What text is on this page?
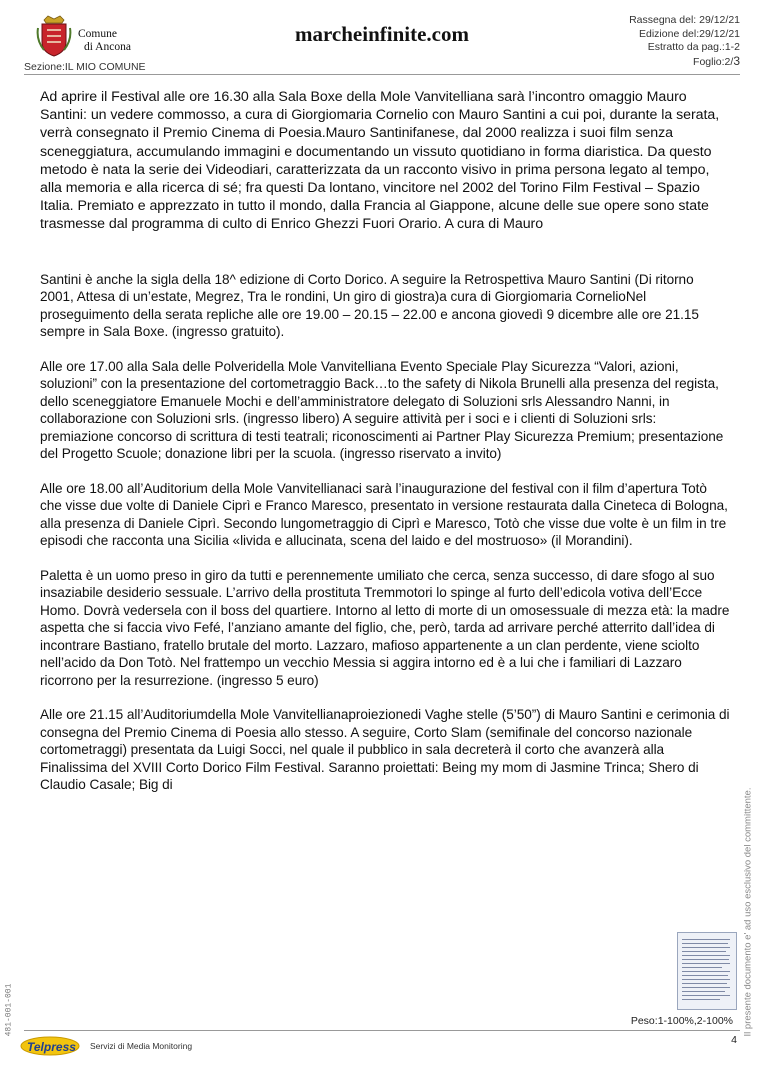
Comune
di Ancona
marcheinfinite.com
Rassegna del: 29/12/21
Edizione del:29/12/21
Estratto da pag.:1-2
Foglio:2/3
Sezione:IL MIO COMUNE

Ad aprire il Festival alle ore 16.30 alla Sala Boxe della Mole Vanvitelliana sarà l’incontro omaggio Mauro Santini: un vedere commosso, a cura di Giorgiomaria Cornelio con Mauro Santini a cui poi, durante la serata, verrà consegnato il Premio Cinema di Poesia.Mauro Santinifanese, dal 2000 realizza i suoi film senza sceneggiatura, accumulando immagini e documentando un vissuto quotidiano in forma diaristica. Da questo metodo è nata la serie dei Videodiari, caratterizzata da un racconto visivo in prima persona legato al tempo, alla memoria e alla ricerca di sé; fra questi Da lontano, vincitore nel 2002 del Torino Film Festival – Spazio Italia. Premiato e apprezzato in tutto il mondo, dalla Francia al Giappone, alcune delle sue opere sono state trasmesse dal programma di culto di Enrico Ghezzi Fuori Orario. A cura di Mauro

Santini è anche la sigla della 18^ edizione di Corto Dorico. A seguire la Retrospettiva Mauro Santini (Di ritorno 2001, Attesa di un’estate, Megrez, Tra le rondini, Un giro di giostra)a cura di Giorgiomaria CornelioNel proseguimento della serata repliche alle ore 19.00 – 20.15 – 22.00 e ancona giovedì 9 dicembre alle ore 21.15 sempre in Sala Boxe. (ingresso gratuito).

Alle ore 17.00 alla Sala delle Polveridella Mole Vanvitelliana Evento Speciale Play Sicurezza “Valori, azioni, soluzioni” con la presentazione del cortometraggio Back…to the safety di Nikola Brunelli alla presenza del regista, dello sceneggiatore Emanuele Mochi e dell’amministratore delegato di Soluzioni srls Alessandro Nanni, in collaborazione con Soluzioni srls. (ingresso libero) A seguire attività per i soci e i clienti di Soluzioni srls: premiazione concorso di scrittura di testi teatrali; riconoscimenti ai Partner Play Sicurezza Premium; presentazione del Progetto Scuole; donazione libri per la scuola. (ingresso riservato a invito)

Alle ore 18.00 all’Auditorium della Mole Vanvitellianaci sarà l’inaugurazione del festival con il film d’apertura Totò che visse due volte di Daniele Ciprì e Franco Maresco, presentato in versione restaurata dalla Cineteca di Bologna, alla presenza di Daniele Ciprì. Secondo lungometraggio di Ciprì e Maresco, Totò che visse due volte è un film in tre episodi che racconta una Sicilia «livida e allucinata, scena del laido e del mostruoso» (il Morandini).

Paletta è un uomo preso in giro da tutti e perennemente umiliato che cerca, senza successo, di dare sfogo al suo insaziabile desiderio sessuale. L’arrivo della prostituta Tremmotori lo spinge al furto dell’edicola votiva dell’Ecce Homo. Dovrà vedersela con il boss del quartiere. Intorno al letto di morte di un omosessuale di mezza età: la madre aspetta che si faccia vivo Fefé, l’anziano amante del figlio, che, però, tarda ad arrivare perché atterrito dall’idea di incontrare Bastiano, fratello brutale del morto. Lazzaro, mafioso appartenente a un clan perdente, viene sciolto nell’acido da Don Totò. Nel frattempo un vecchio Messia si aggira intorno ed è a lui che i familiari di Lazzaro ricorrono per la resurrezione. (ingresso 5 euro)

Alle ore 21.15 all’Auditoriumdella Mole Vanvitellianaproiezionedi Vaghe stelle (5’50”) di Mauro Santini e cerimonia di consegna del Premio Cinema di Poesia allo stesso. A seguire, Corto Slam (semifinale del concorso nazionale cortometraggi) presentata da Luigi Socci, nel quale il pubblico in sala decreterà il corto che avanzerà alla Finalissima del XVIII Corto Dorico Film Festival. Saranno proiettati: Being my mom di Jasmine Trinca; Shero di Claudio Casale; Big di

Il presente documento e' ad uso esclusivo del committente.
481-001-001	Peso:1-100%,2-100%
4
Telpress Servizi di Media Monitoring
